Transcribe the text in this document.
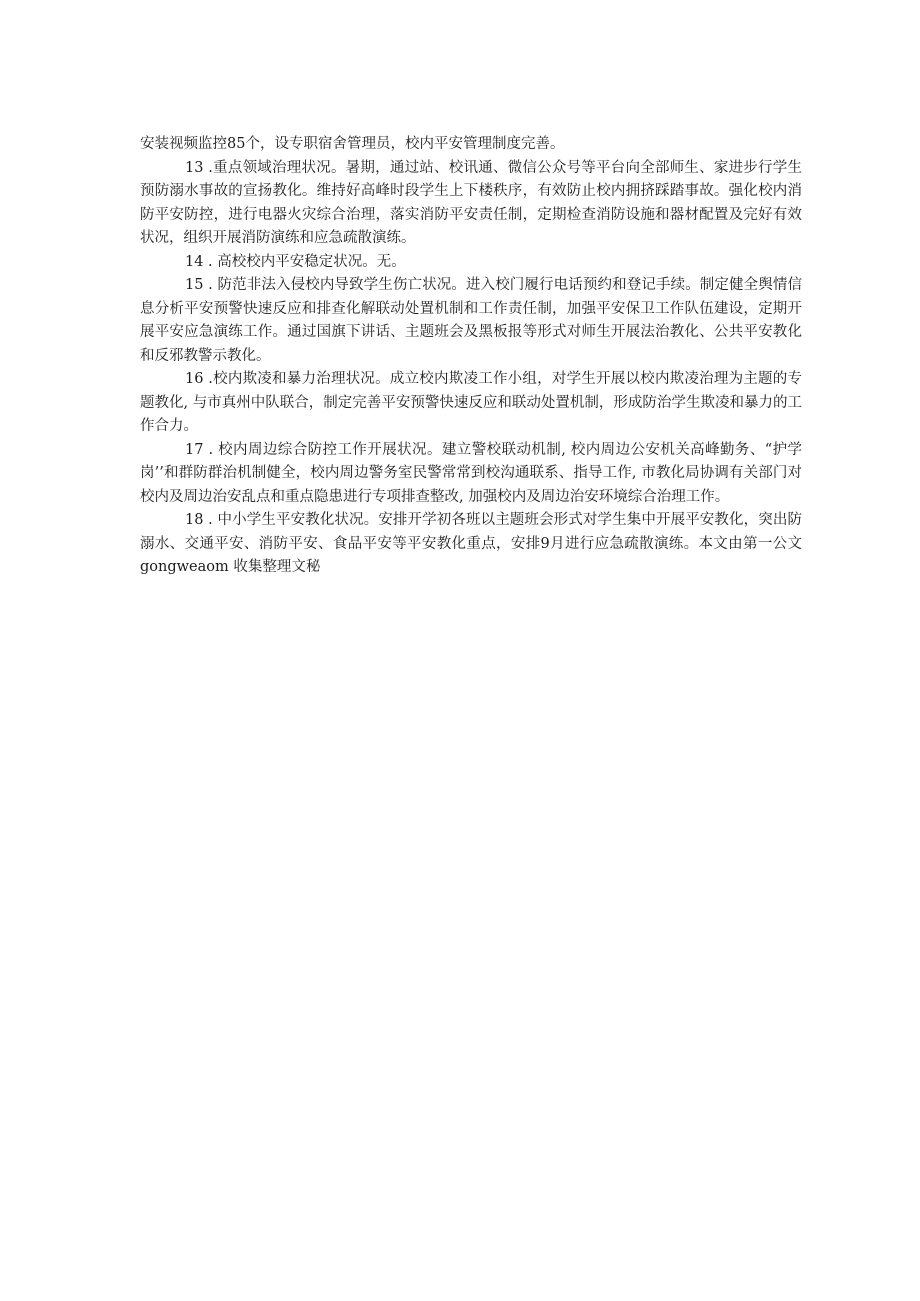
安装视频监控85个，设专职宿舍管理员，校内平安管理制度完善。

13 .重点领域治理状况。暑期，通过站、校讯通、微信公众号等平台向全部师生、家进步行学生预防溺水事故的宣扬教化。维持好高峰时段学生上下楼秩序，有效防止校内拥挤踩踏事故。强化校内消防平安防控，进行电器火灾综合治理，落实消防平安责任制，定期检查消防设施和器材配置及完好有效状况，组织开展消防演练和应急疏散演练。

14 . 高校校内平安稳定状况。无。

15 . 防范非法入侵校内导致学生伤亡状况。进入校门履行电话预约和登记手续。制定健全舆情信息分析平安预警快速反应和排查化解联动处置机制和工作责任制，加强平安保卫工作队伍建设，定期开展平安应急演练工作。通过国旗下讲话、主题班会及黑板报等形式对师生开展法治教化、公共平安教化和反邪教警示教化。

16 .校内欺凌和暴力治理状况。成立校内欺凌工作小组，对学生开展以校内欺凌治理为主题的专题教化, 与市真州中队联合，制定完善平安预警快速反应和联动处置机制，形成防治学生欺凌和暴力的工作合力。

17 . 校内周边综合防控工作开展状况。建立警校联动机制, 校内周边公安机关高峰勤务、“护学岗’’和群防群治机制健全，校内周边警务室民警常常到校沟通联系、指导工作, 市教化局协调有关部门对校内及周边治安乱点和重点隐患进行专项排查整改, 加强校内及周边治安环境综合治理工作。

18 . 中小学生平安教化状况。安排开学初各班以主题班会形式对学生集中开展平安教化，突出防溺水、交通平安、消防平安、食品平安等平安教化重点，安排9月进行应急疏散演练。本文由第一公文 gongweaom 收集整理文秘
